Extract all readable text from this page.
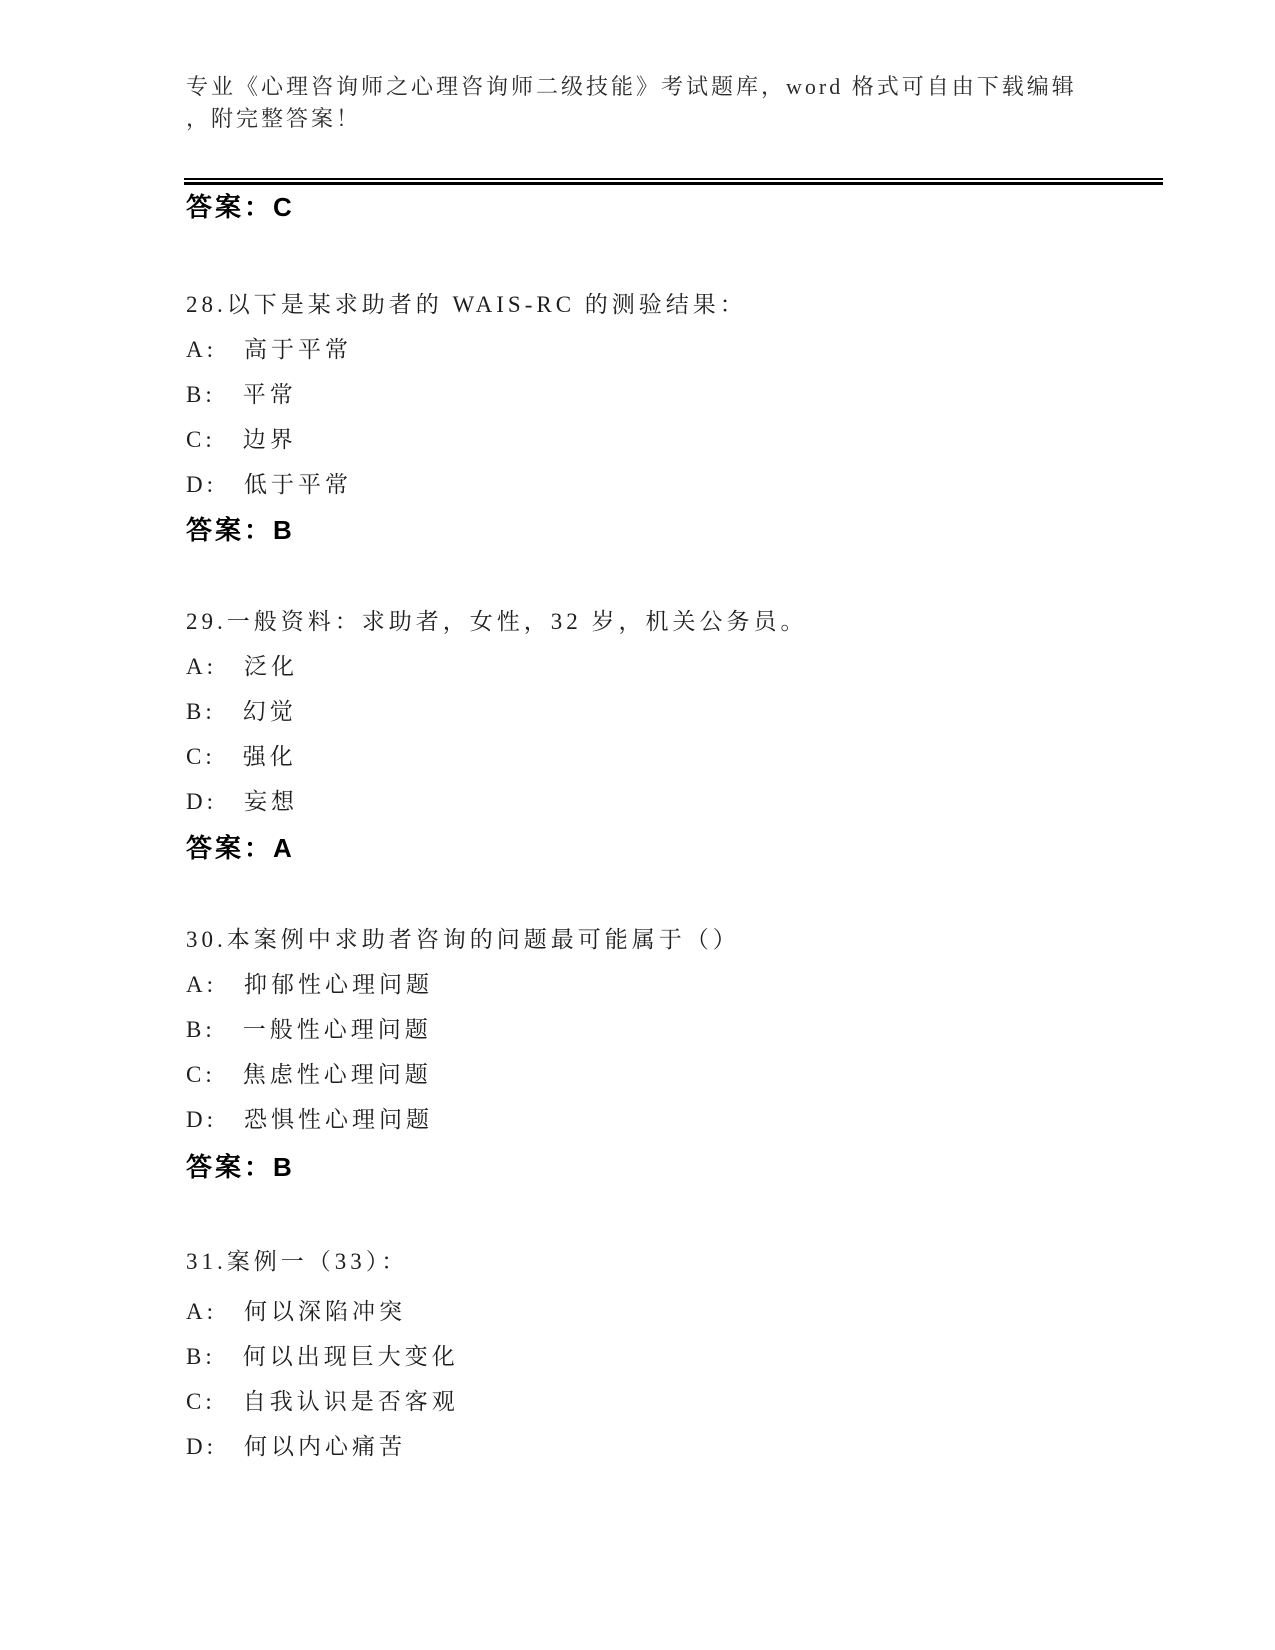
专业《心理咨询师之心理咨询师二级技能》考试题库，word 格式可自由下载编辑
，附完整答案！
答案：C
28.以下是某求助者的 WAIS-RC 的测验结果：
A:　高于平常
B:　平常
C:　边界
D:　低于平常
答案：B
29.一般资料：求助者，女性，32 岁，机关公务员。
A:　泛化
B:　幻觉
C:　强化
D:　妄想
答案：A
30.本案例中求助者咨询的问题最可能属于（）
A:　抑郁性心理问题
B:　一般性心理问题
C:　焦虑性心理问题
D:　恐惧性心理问题
答案：B
31.案例一（33）：
A:　何以深陷冲突
B:　何以出现巨大变化
C:　自我认识是否客观
D:　何以内心痛苦
